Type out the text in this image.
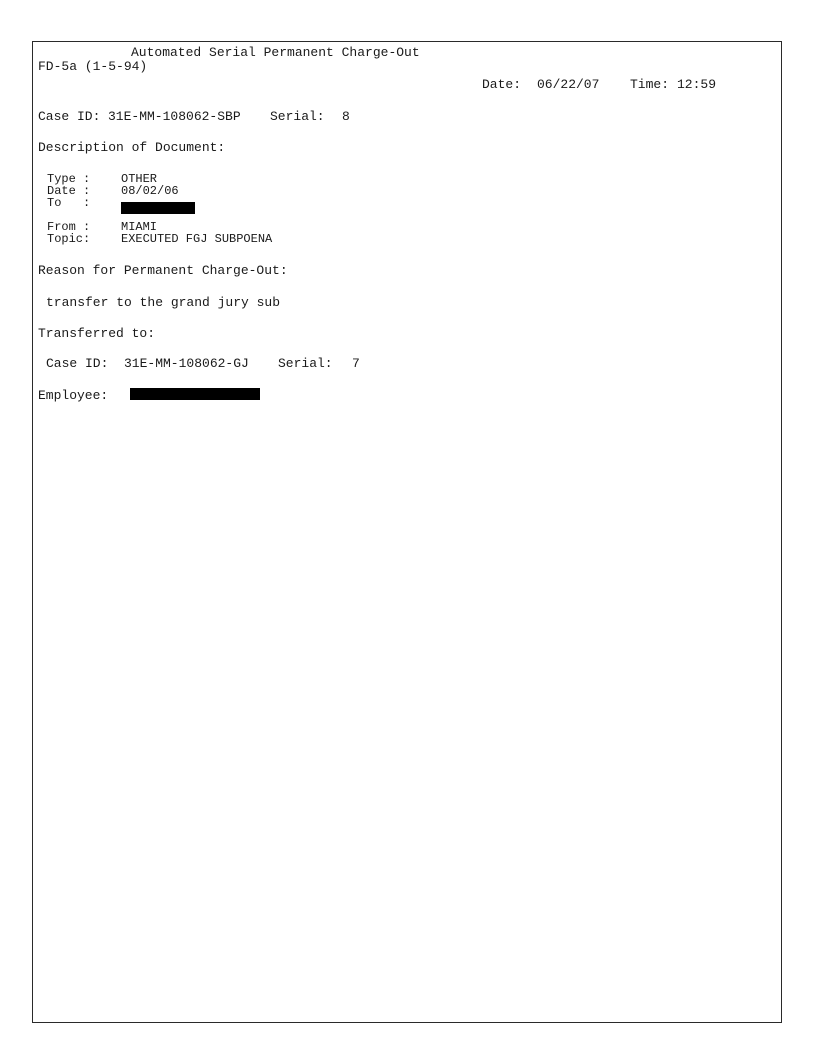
Automated Serial Permanent Charge-Out
FD-5a (1-5-94)
Date: 06/22/07 Time: 12:59
Case ID: 31E-MM-108062-SBP Serial: 8
Description of Document:
Type :	OTHER
Date :	08/02/06
To   :
From :	MIAMI
Topic:	EXECUTED FGJ SUBPOENA
Reason for Permanent Charge-Out:
transfer to the grand jury sub
Transferred to:
Case ID: 31E-MM-108062-GJ Serial: 7
Employee:
